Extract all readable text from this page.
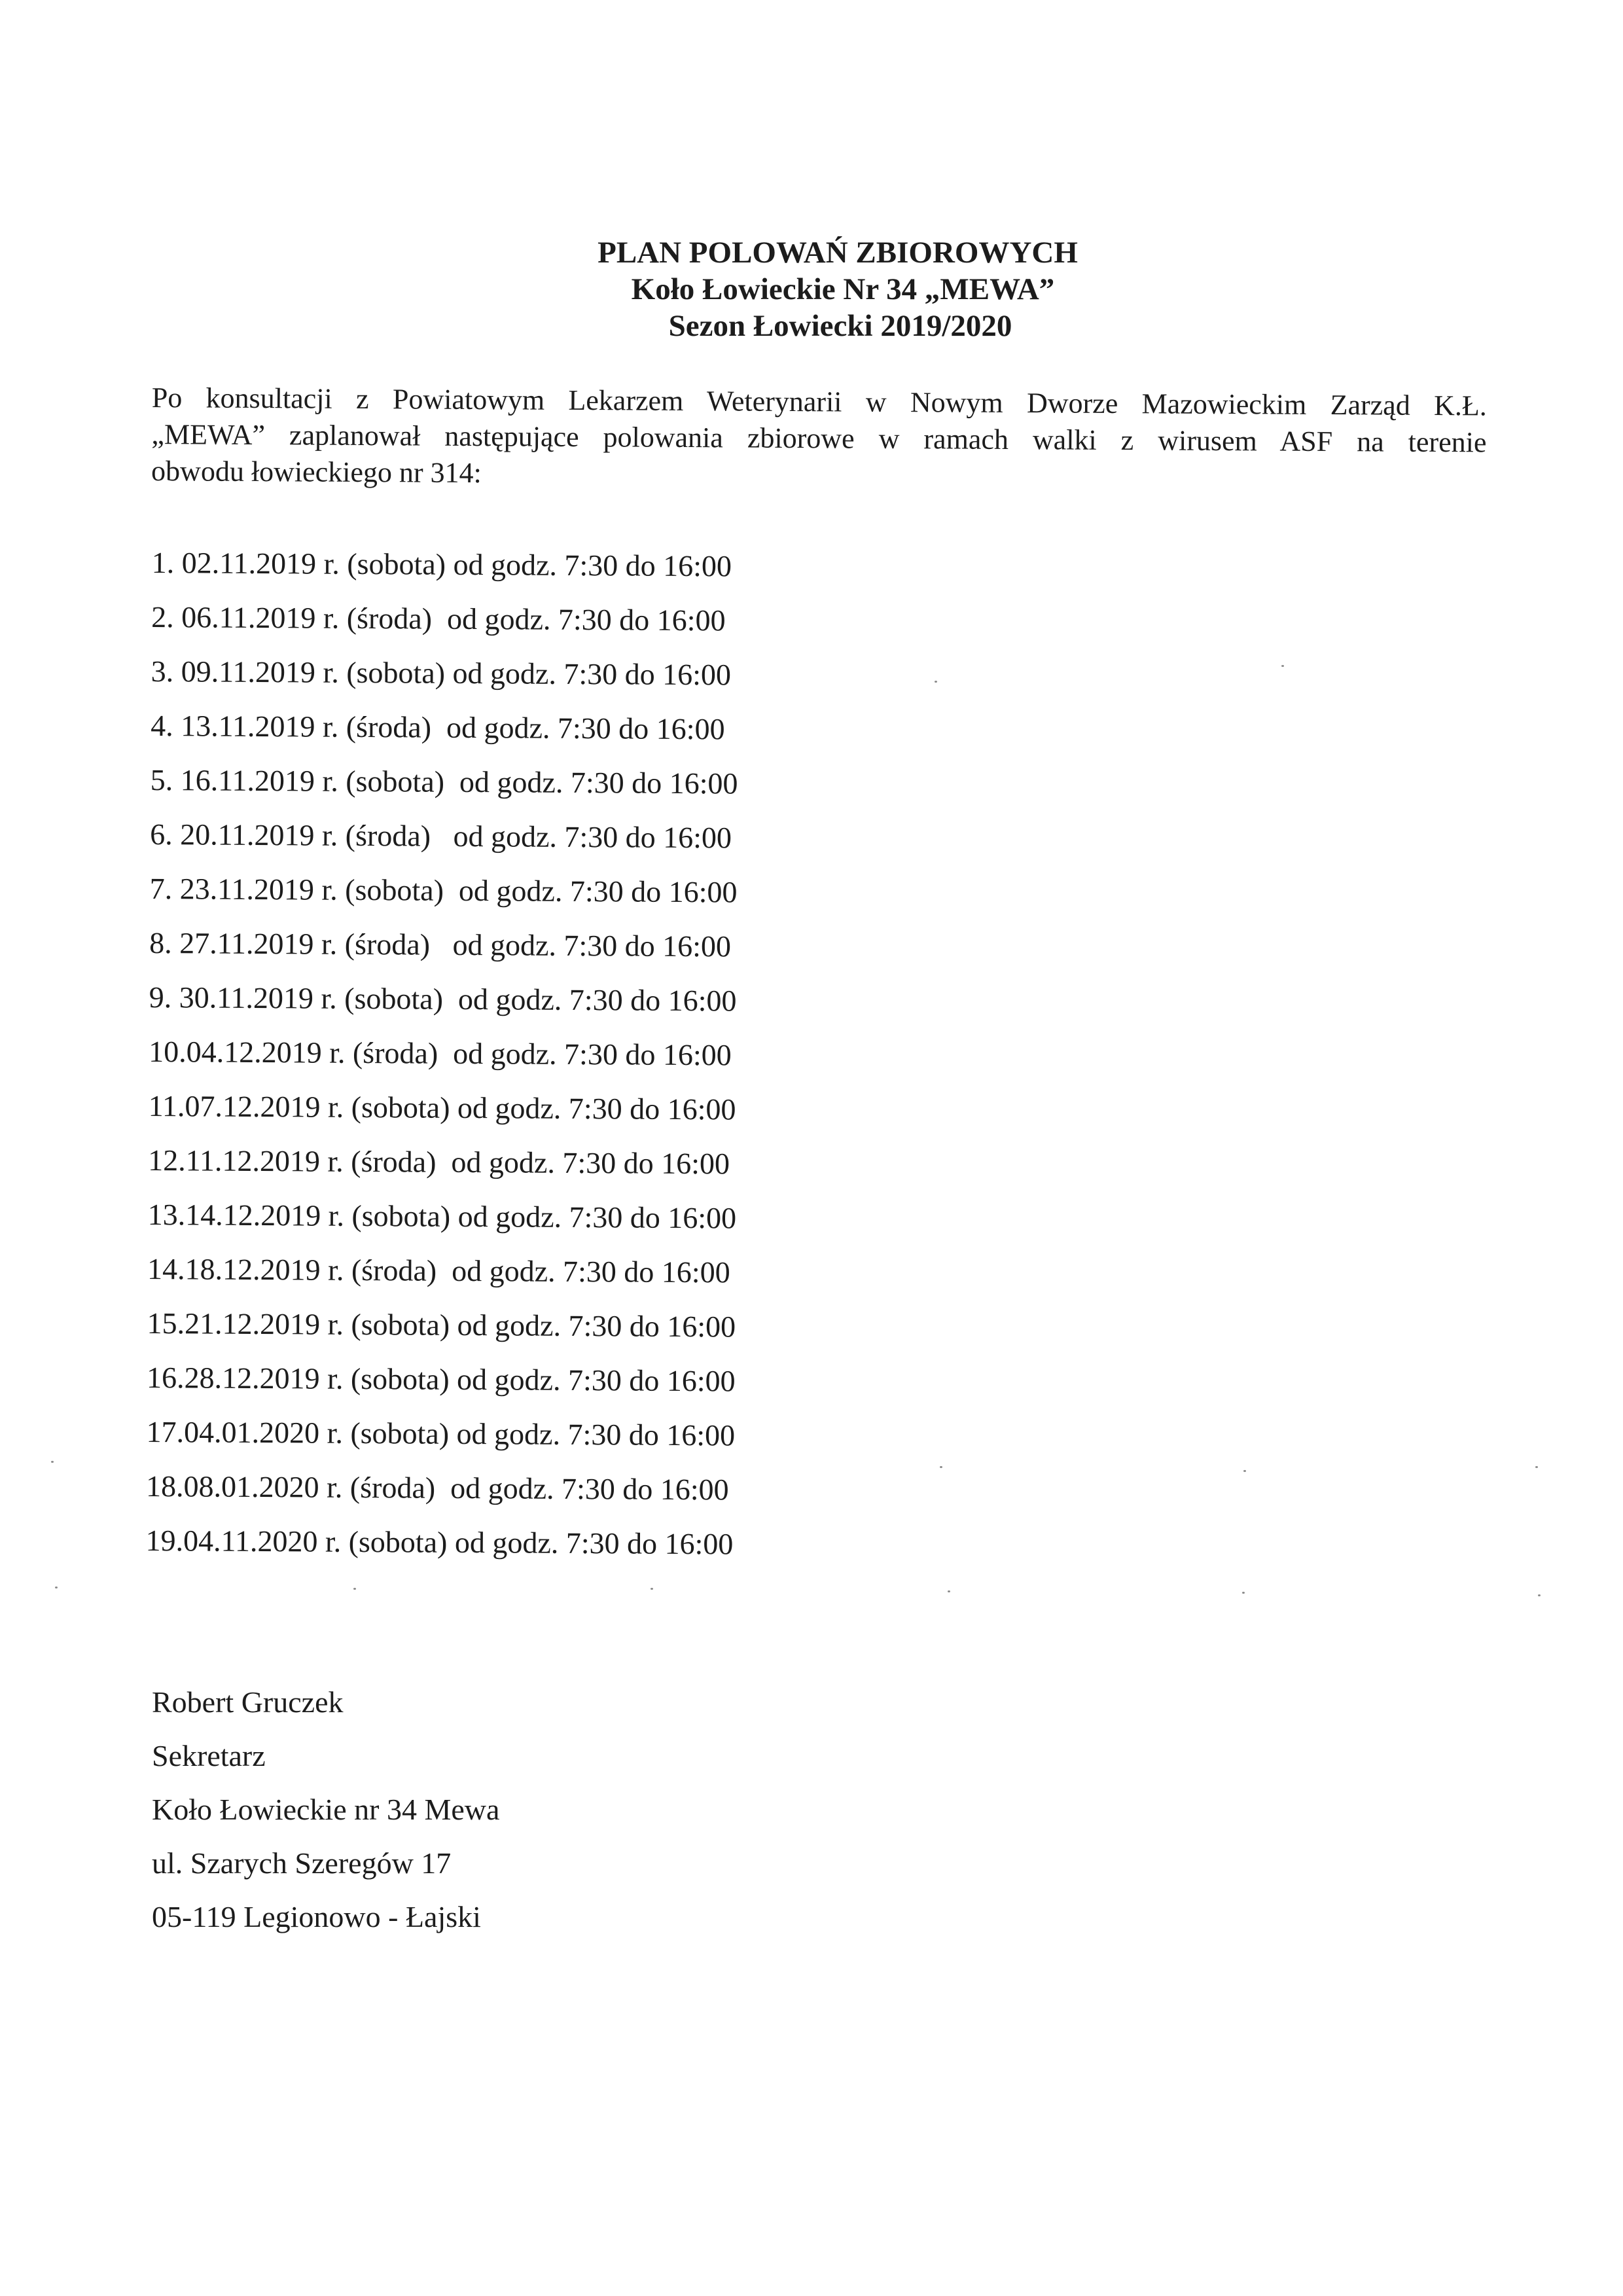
PLAN POLOWAŃ ZBIOROWYCH
Koło Łowieckie Nr 34 „MEWA”
Sezon Łowiecki 2019/2020
Po konsultacji z Powiatowym Lekarzem Weterynarii w Nowym Dworze Mazowieckim Zarząd K.Ł.
„MEWA” zaplanował następujące polowania zbiorowe w ramach walki z wirusem ASF na terenie
obwodu łowieckiego nr 314:
1. 02.11.2019 r. (sobota) od godz. 7:30 do 16:00
2. 06.11.2019 r. (środa)  od godz. 7:30 do 16:00
3. 09.11.2019 r. (sobota) od godz. 7:30 do 16:00
4. 13.11.2019 r. (środa)  od godz. 7:30 do 16:00
5. 16.11.2019 r. (sobota)  od godz. 7:30 do 16:00
6. 20.11.2019 r. (środa)   od godz. 7:30 do 16:00
7. 23.11.2019 r. (sobota)  od godz. 7:30 do 16:00
8. 27.11.2019 r. (środa)   od godz. 7:30 do 16:00
9. 30.11.2019 r. (sobota)  od godz. 7:30 do 16:00
10.04.12.2019 r. (środa)  od godz. 7:30 do 16:00
11.07.12.2019 r. (sobota) od godz. 7:30 do 16:00
12.11.12.2019 r. (środa)  od godz. 7:30 do 16:00
13.14.12.2019 r. (sobota) od godz. 7:30 do 16:00
14.18.12.2019 r. (środa)  od godz. 7:30 do 16:00
15.21.12.2019 r. (sobota) od godz. 7:30 do 16:00
16.28.12.2019 r. (sobota) od godz. 7:30 do 16:00
17.04.01.2020 r. (sobota) od godz. 7:30 do 16:00
18.08.01.2020 r. (środa)  od godz. 7:30 do 16:00
19.04.11.2020 r. (sobota) od godz. 7:30 do 16:00
Robert Gruczek
Sekretarz
Koło Łowieckie nr 34 Mewa
ul. Szarych Szeregów 17
05-119 Legionowo - Łajski
